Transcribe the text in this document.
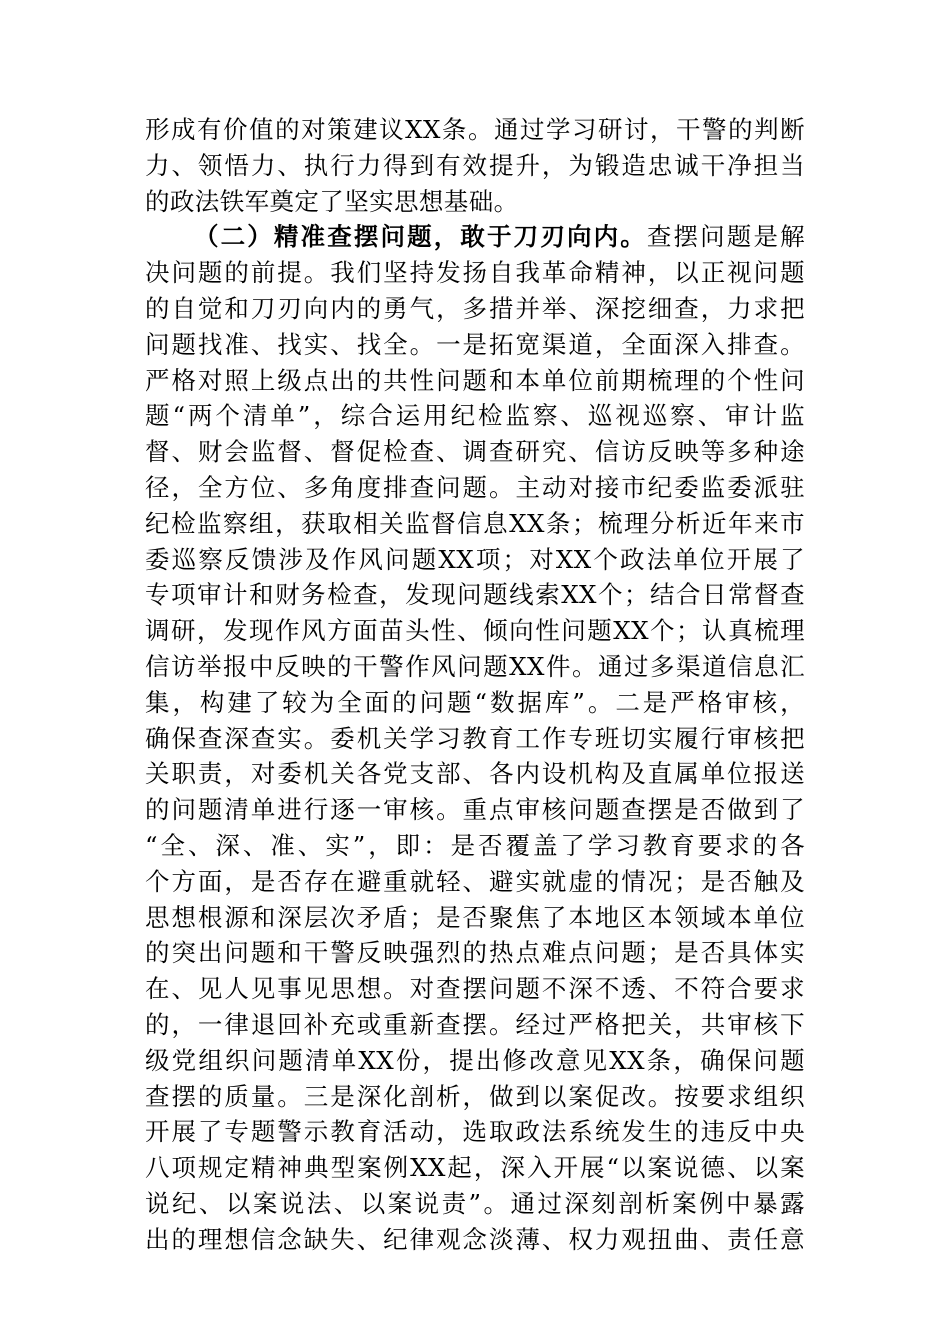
形成有价值的对策建议XX条。通过学习研讨，干警的判断
力、领悟力、执行力得到有效提升，为锻造忠诚干净担当
的政法铁军奠定了坚实思想基础。
（二）精准查摆问题，敢于刀刃向内。查摆问题是解
决问题的前提。我们坚持发扬自我革命精神，以正视问题
的自觉和刀刃向内的勇气，多措并举、深挖细查，力求把
问题找准、找实、找全。一是拓宽渠道，全面深入排查。
严格对照上级点出的共性问题和本单位前期梳理的个性问
题“两个清单”，综合运用纪检监察、巡视巡察、审计监
督、财会监督、督促检查、调查研究、信访反映等多种途
径，全方位、多角度排查问题。主动对接市纪委监委派驻
纪检监察组，获取相关监督信息XX条；梳理分析近年来市
委巡察反馈涉及作风问题XX项；对XX个政法单位开展了
专项审计和财务检查，发现问题线索XX个；结合日常督查
调研，发现作风方面苗头性、倾向性问题XX个；认真梳理
信访举报中反映的干警作风问题XX件。通过多渠道信息汇
集，构建了较为全面的问题“数据库”。二是严格审核，
确保查深查实。委机关学习教育工作专班切实履行审核把
关职责，对委机关各党支部、各内设机构及直属单位报送
的问题清单进行逐一审核。重点审核问题查摆是否做到了
“全、深、准、实”，即：是否覆盖了学习教育要求的各
个方面，是否存在避重就轻、避实就虚的情况；是否触及
思想根源和深层次矛盾；是否聚焦了本地区本领域本单位
的突出问题和干警反映强烈的热点难点问题；是否具体实
在、见人见事见思想。对查摆问题不深不透、不符合要求
的，一律退回补充或重新查摆。经过严格把关，共审核下
级党组织问题清单XX份，提出修改意见XX条，确保问题
查摆的质量。三是深化剖析，做到以案促改。按要求组织
开展了专题警示教育活动，选取政法系统发生的违反中央
八项规定精神典型案例XX起，深入开展“以案说德、以案
说纪、以案说法、以案说责”。通过深刻剖析案例中暴露
出的理想信念缺失、纪律观念淡薄、权力观扭曲、责任意
